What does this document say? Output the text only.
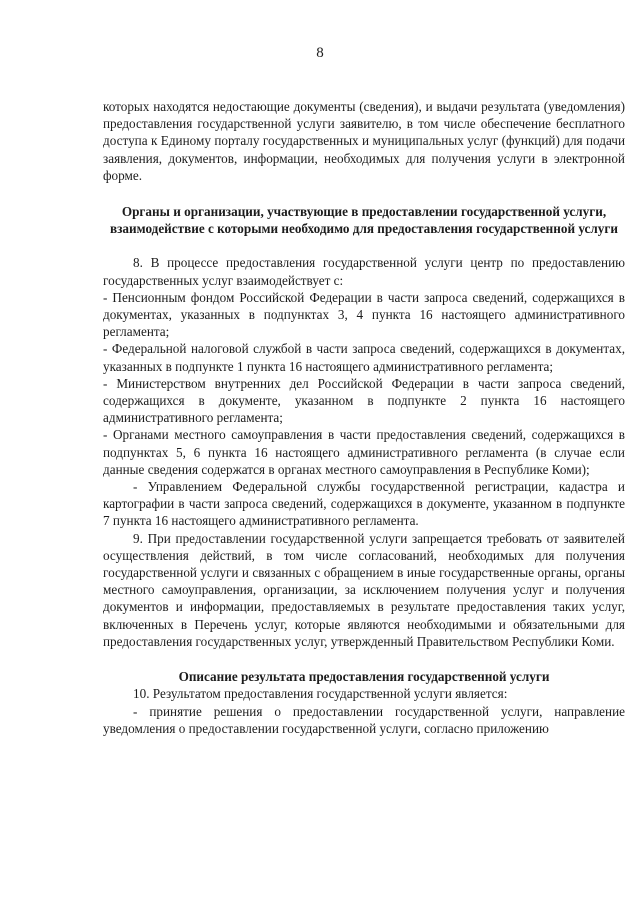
8

которых находятся недостающие документы (сведения), и выдачи результата (уведомления) предоставления государственной услуги заявителю, в том числе обеспечение бесплатного доступа к Единому порталу государственных и муниципальных услуг (функций) для подачи заявления, документов, информации, необходимых для получения услуги в электронной форме.

Органы и организации, участвующие в предоставлении государственной услуги, взаимодействие с которыми необходимо для предоставления государственной услуги

8. В процессе предоставления государственной услуги центр по предоставлению государственных услуг взаимодействует с:

- Пенсионным фондом Российской Федерации в части запроса сведений, содержащихся в документах, указанных в подпунктах 3, 4 пункта 16 настоящего административного регламента;

- Федеральной налоговой службой в части запроса сведений, содержащихся в документах, указанных в подпункте 1 пункта 16 настоящего административного регламента;

- Министерством внутренних дел Российской Федерации в части запроса сведений, содержащихся в документе, указанном в подпункте 2 пункта 16 настоящего административного регламента;

- Органами местного самоуправления в части предоставления сведений, содержащихся в подпунктах 5, 6 пункта 16 настоящего административного регламента (в случае если данные сведения содержатся в органах местного самоуправления в Республике Коми);

- Управлением Федеральной службы государственной регистрации, кадастра и картографии в части запроса сведений, содержащихся в документе, указанном в подпункте 7 пункта 16 настоящего административного регламента.

9. При предоставлении государственной услуги запрещается требовать от заявителей осуществления действий, в том числе согласований, необходимых для получения государственной услуги и связанных с обращением в иные государственные органы, органы местного самоуправления, организации, за исключением получения услуг и получения документов и информации, предоставляемых в результате предоставления таких услуг, включенных в Перечень услуг, которые являются необходимыми и обязательными для предоставления государственных услуг, утвержденный Правительством Республики Коми.

Описание результата предоставления государственной услуги

10. Результатом предоставления государственной услуги является:

- принятие решения о предоставлении государственной услуги, направление уведомления о предоставлении государственной услуги, согласно приложению
